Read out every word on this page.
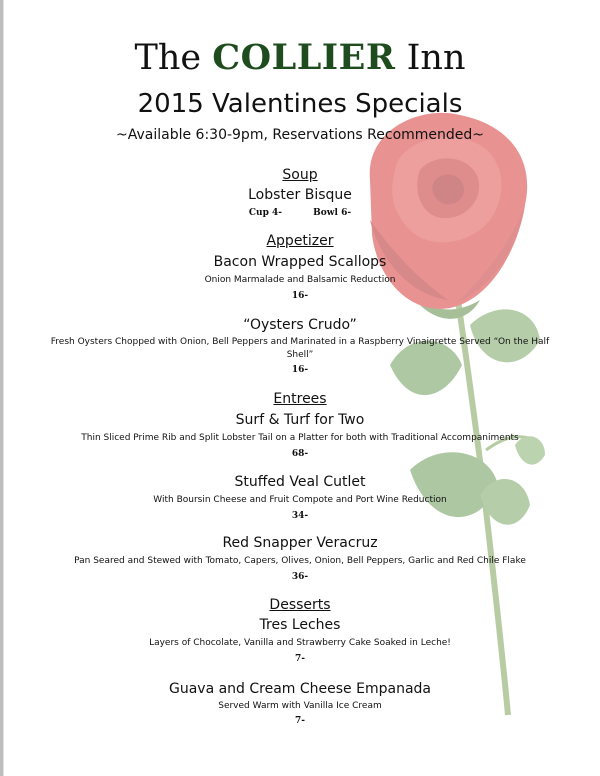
The COLLIER Inn
2015 Valentines Specials
~Available 6:30-9pm, Reservations Recommended~
Soup
Lobster Bisque
Cup 4-	Bowl 6-
Appetizer
Bacon Wrapped Scallops
Onion Marmalade and Balsamic Reduction
16-
“Oysters Crudo”
Fresh Oysters Chopped with Onion, Bell Peppers and Marinated in a Raspberry Vinaigrette Served “On the Half
Shell”
16-
Entrees
Surf & Turf for Two
Thin Sliced Prime Rib and Split Lobster Tail on a Platter for both with Traditional Accompaniments
68-
Stuffed Veal Cutlet
With Boursin Cheese and Fruit Compote and Port Wine Reduction
34-
Red Snapper Veracruz
Pan Seared and Stewed with Tomato, Capers, Olives, Onion, Bell Peppers, Garlic and Red Chile Flake
36-
Desserts
Tres Leches
Layers of Chocolate, Vanilla and Strawberry Cake Soaked in Leche!
7-
Guava and Cream Cheese Empanada
Served Warm with Vanilla Ice Cream
7-
